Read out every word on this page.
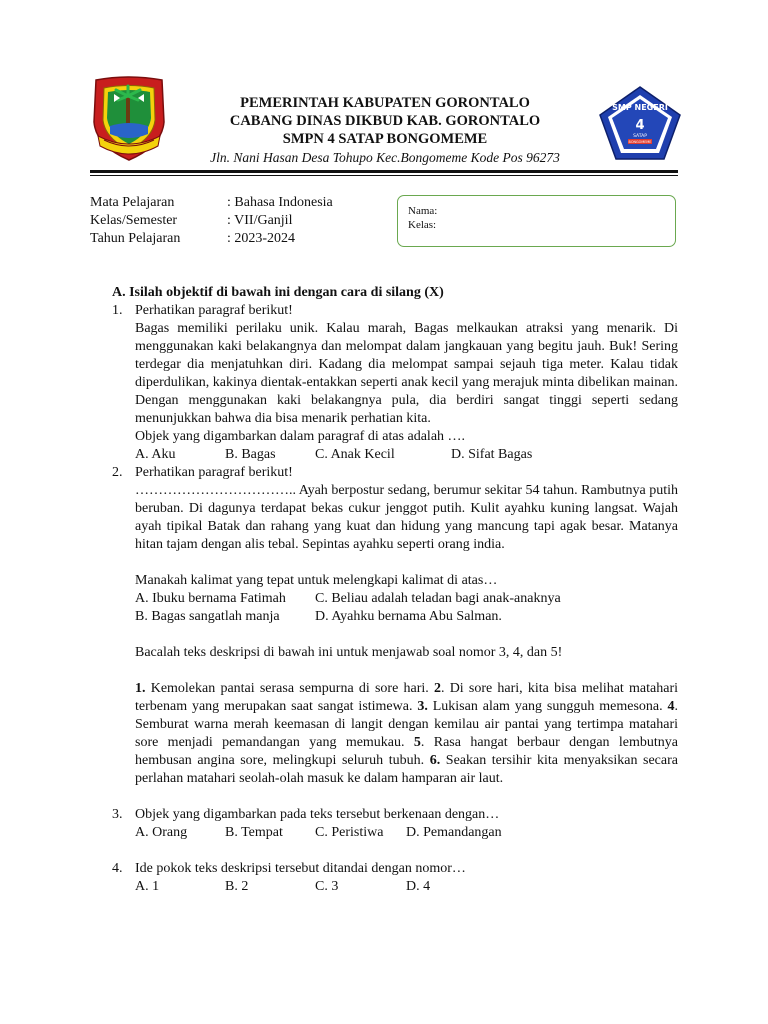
PEMERINTAH KABUPATEN GORONTALO
CABANG DINAS DIKBUD KAB. GORONTALO
SMPN 4 SATAP BONGOMEME
Jln. Nani Hasan Desa Tohupo Kec.Bongomeme Kode Pos 96273
SMP NEGERI
4
SATAP
BONGOMEME
Mata Pelajaran	: Bahasa Indonesia
Kelas/Semester	: VII/Ganjil
Tahun Pelajaran	: 2023-2024
Nama:
Kelas:
A. Isilah objektif di bawah ini dengan cara di silang (X)
1. Perhatikan paragraf berikut!
Bagas memiliki perilaku unik. Kalau marah, Bagas melkaukan atraksi yang menarik. Di menggunakan kaki belakangnya dan melompat dalam jangkauan yang begitu jauh. Buk! Sering terdegar dia menjatuhkan diri. Kadang dia melompat sampai sejauh tiga meter. Kalau tidak diperdulikan, kakinya dientak-entakkan seperti anak kecil yang merajuk minta dibelikan mainan. Dengan menggunakan kaki belakangnya pula, dia berdiri sangat tinggi seperti sedang menunjukkan bahwa dia bisa menarik perhatian kita.
Objek yang digambarkan dalam paragraf di atas adalah ….
A. Aku	B. Bagas	C. Anak Kecil	D. Sifat Bagas
2. Perhatikan paragraf berikut!
…………………………….. Ayah berpostur sedang, berumur sekitar 54 tahun. Rambutnya putih beruban. Di dagunya terdapat bekas cukur jenggot putih. Kulit ayahku kuning langsat. Wajah ayah tipikal Batak dan rahang yang kuat dan hidung yang mancung tapi agak besar. Matanya hitan tajam dengan alis tebal. Sepintas ayahku seperti orang india.
Manakah kalimat yang tepat untuk melengkapi kalimat di atas…
A. Ibuku bernama Fatimah	C. Beliau adalah teladan bagi anak-anaknya
B. Bagas sangatlah manja	D. Ayahku bernama Abu Salman.
Bacalah teks deskripsi di bawah ini untuk menjawab soal nomor 3, 4, dan 5!
1. Kemolekan pantai serasa sempurna di sore hari. 2. Di sore hari, kita bisa melihat matahari terbenam yang merupakan saat sangat istimewa. 3. Lukisan alam yang sungguh memesona. 4. Semburat warna merah keemasan di langit dengan kemilau air pantai yang tertimpa matahari sore menjadi pemandangan yang memukau. 5. Rasa hangat berbaur dengan lembutnya hembusan angina sore, melingkupi seluruh tubuh. 6. Seakan tersihir kita menyaksikan secara perlahan matahari seolah-olah masuk ke dalam hamparan air laut.
3. Objek yang digambarkan pada teks tersebut berkenaan dengan…
A. Orang	B. Tempat	C. Peristiwa	D. Pemandangan
4. Ide pokok teks deskripsi tersebut ditandai dengan nomor…
A. 1	B. 2	C. 3	D. 4
